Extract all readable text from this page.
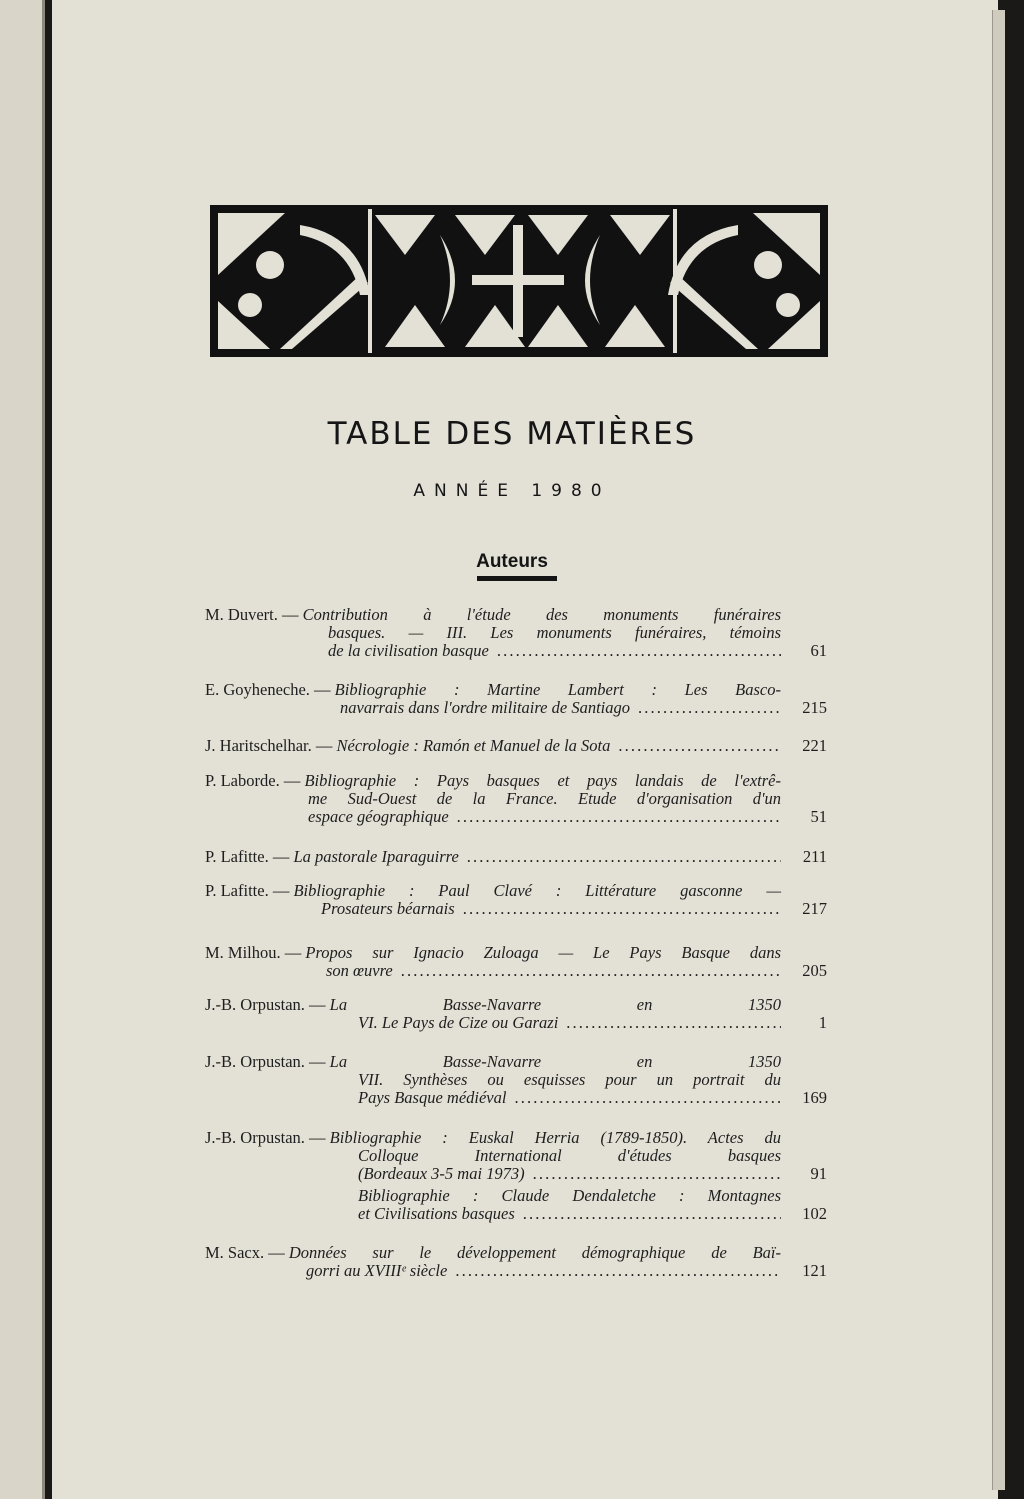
TABLE DES MATIÈRES
ANNÉE 1980
Auteurs
M. Duvert. — Contribution à l'étude des monuments funéraires
basques. — III. Les monuments funéraires, témoins
de la civilisation basque . . .	61
E. Goyheneche. — Bibliographie : Martine Lambert : Les Basco-
navarrais dans l'ordre militaire de Santiago . . .	215
J. Haritschelhar. — Nécrologie : Ramón et Manuel de la Sota . . .	221
P. Laborde. — Bibliographie : Pays basques et pays landais de l'extrê-
me Sud-Ouest de la France. Etude d'organisation d'un
espace géographique . . .	51
P. Lafitte. — La pastorale Iparaguirre . . .	211
P. Lafitte. — Bibliographie : Paul Clavé : Littérature gasconne —
Prosateurs béarnais . . .	217
M. Milhou. — Propos sur Ignacio Zuloaga — Le Pays Basque dans
son œuvre . . .	205
J.-B. Orpustan. — La Basse-Navarre en 1350
VI. Le Pays de Cize ou Garazi . . .	1
J.-B. Orpustan. — La Basse-Navarre en 1350
VII. Synthèses ou esquisses pour un portrait du
Pays Basque médiéval . . .	169
J.-B. Orpustan. — Bibliographie : Euskal Herria (1789-1850). Actes du
Colloque International d'études basques
(Bordeaux 3-5 mai 1973) . . .	91
Bibliographie : Claude Dendaletche : Montagnes
et Civilisations basques . . .	102
M. Sacx. — Données sur le développement démographique de Baï-
gorri au XVIIIᵉ siècle . . .	121
